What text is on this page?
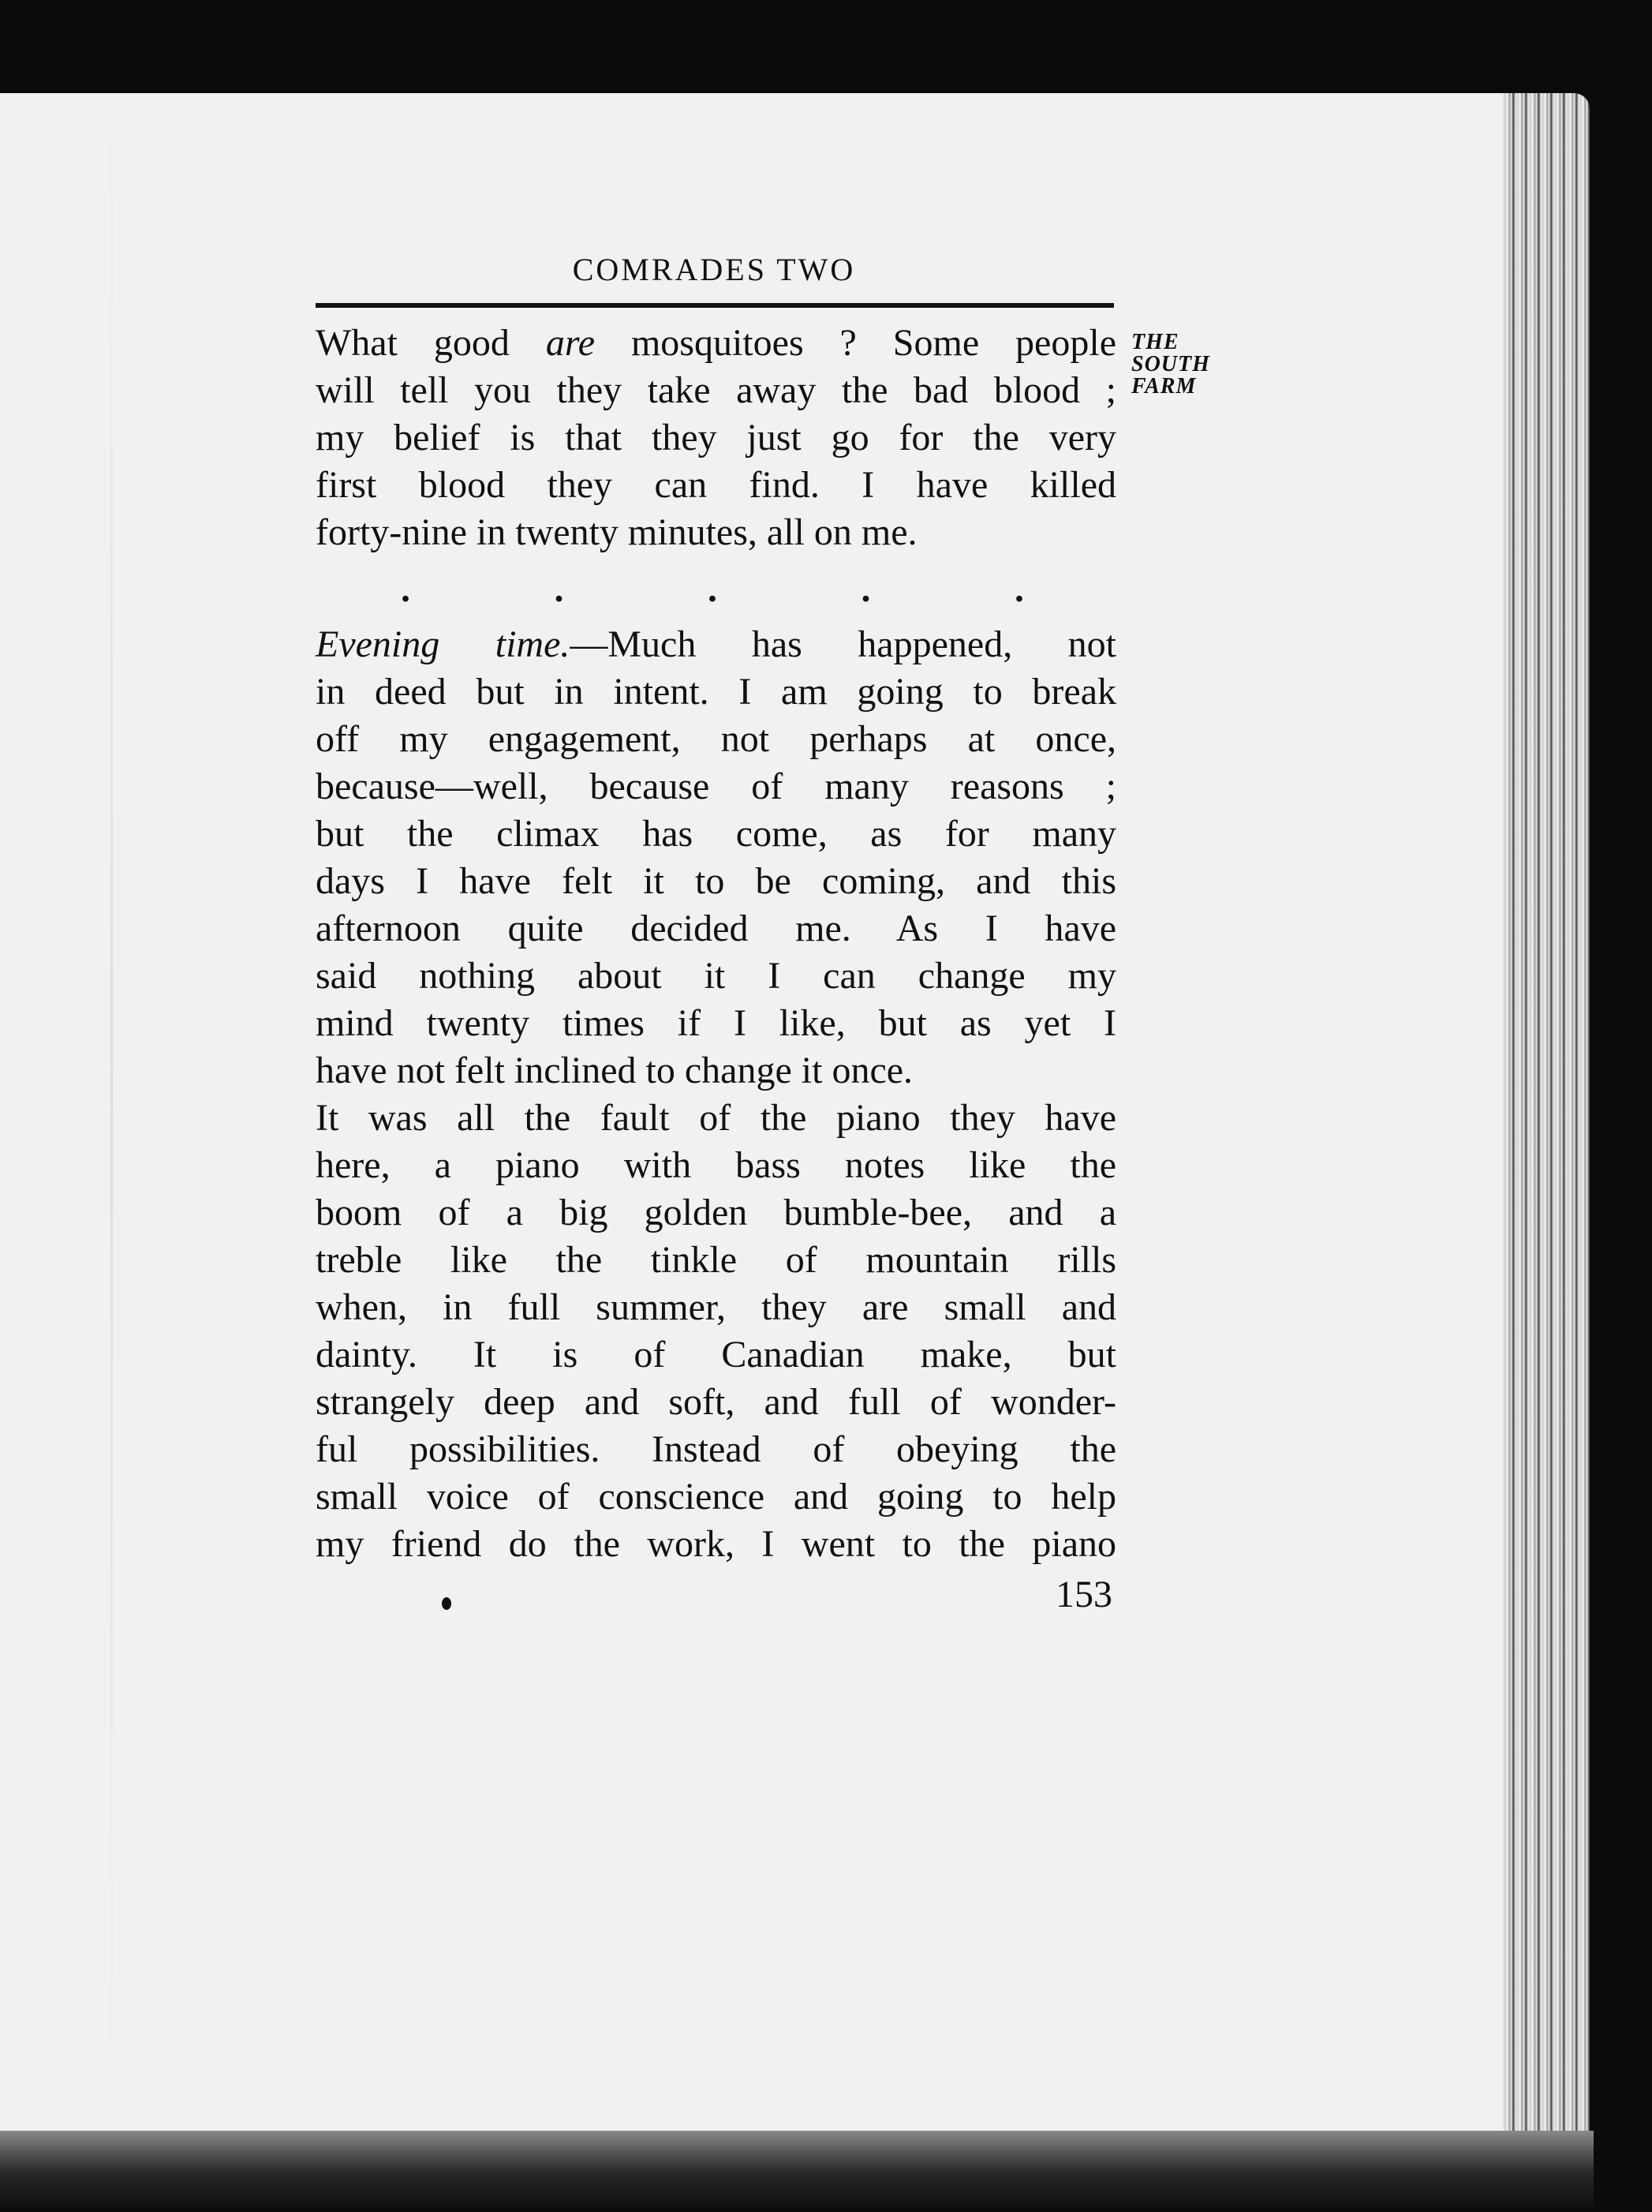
COMRADES TWO
THE
SOUTH
FARM
What good are mosquitoes ? Some people
will tell you they take away the bad blood ;
my belief is that they just go for the very
first blood they can find. I have killed
forty-nine in twenty minutes, all on me.
.	.	.	.	.
Evening time.—Much has happened, not
in deed but in intent. I am going to break
off my engagement, not perhaps at once,
because—well, because of many reasons ;
but the climax has come, as for many
days I have felt it to be coming, and this
afternoon quite decided me. As I have
said nothing about it I can change my
mind twenty times if I like, but as yet I
have not felt inclined to change it once.
It was all the fault of the piano they have
here, a piano with bass notes like the
boom of a big golden bumble-bee, and a
treble like the tinkle of mountain rills
when, in full summer, they are small and
dainty. It is of Canadian make, but
strangely deep and soft, and full of wonder-
ful possibilities. Instead of obeying the
small voice of conscience and going to help
my friend do the work, I went to the piano
153
